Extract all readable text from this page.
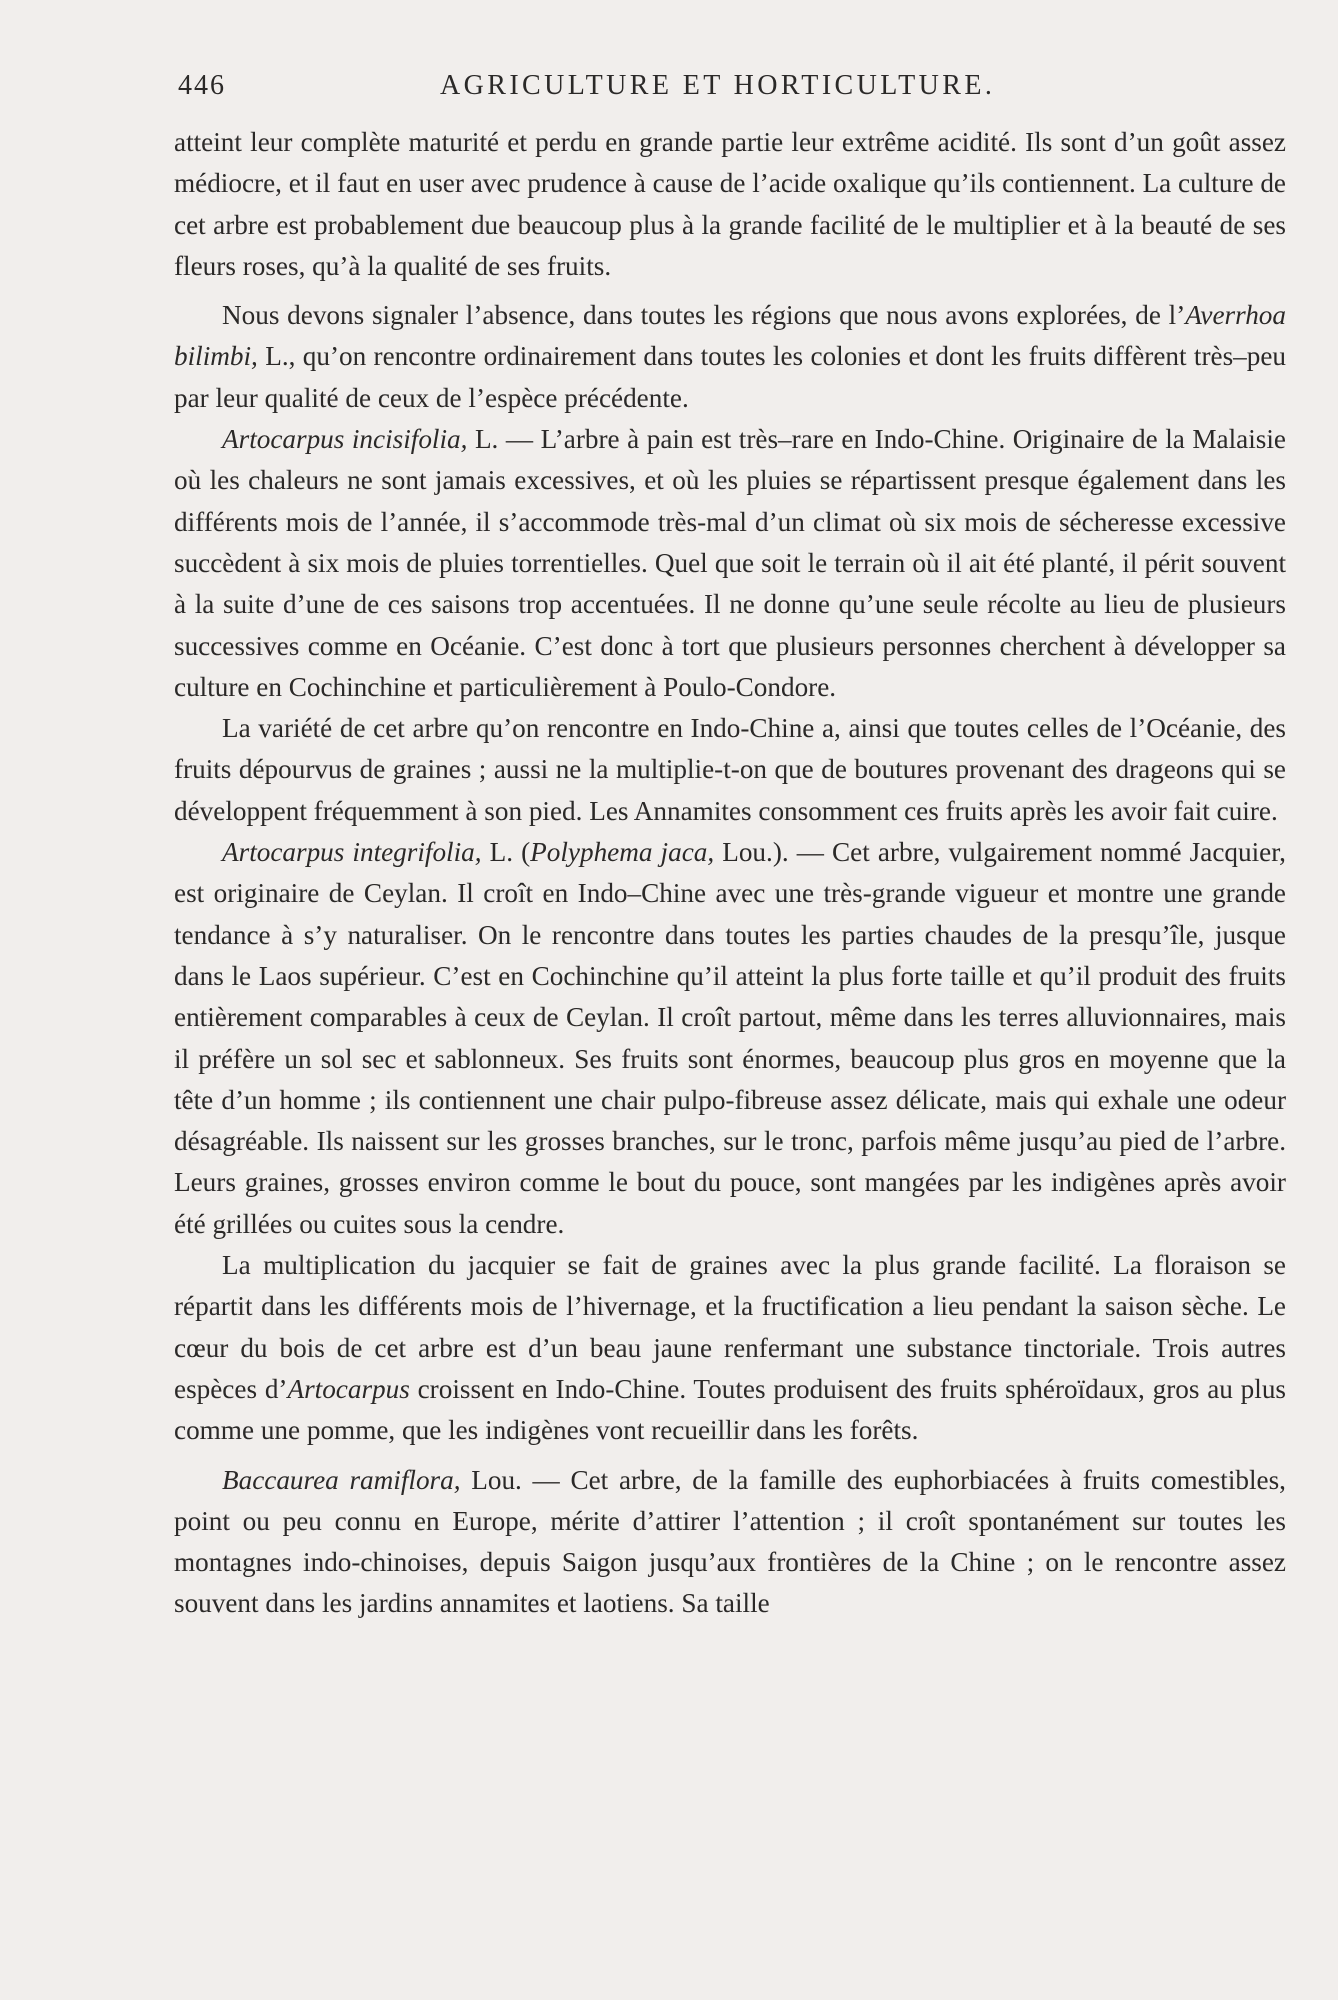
446	AGRICULTURE ET HORTICULTURE.

atteint leur complète maturité et perdu en grande partie leur extrême acidité. Ils sont d’un goût assez médiocre, et il faut en user avec prudence à cause de l’acide oxalique qu’ils contiennent. La culture de cet arbre est probablement due beaucoup plus à la grande facilité de le multiplier et à la beauté de ses fleurs roses, qu’à la qualité de ses fruits.

Nous devons signaler l’absence, dans toutes les régions que nous avons explorées, de l’Averrhoa bilimbi, L., qu’on rencontre ordinairement dans toutes les colonies et dont les fruits diffèrent très–peu par leur qualité de ceux de l’espèce précédente.

Artocarpus incisifolia, L. — L’arbre à pain est très–rare en Indo-Chine. Originaire de la Malaisie où les chaleurs ne sont jamais excessives, et où les pluies se répartissent presque également dans les différents mois de l’année, il s’accommode très-mal d’un climat où six mois de sécheresse excessive succèdent à six mois de pluies torrentielles. Quel que soit le terrain où il ait été planté, il périt souvent à la suite d’une de ces saisons trop accentuées. Il ne donne qu’une seule récolte au lieu de plusieurs successives comme en Océanie. C’est donc à tort que plusieurs personnes cherchent à développer sa culture en Cochinchine et particulièrement à Poulo-Condore.

La variété de cet arbre qu’on rencontre en Indo-Chine a, ainsi que toutes celles de l’Océanie, des fruits dépourvus de graines ; aussi ne la multiplie-t-on que de boutures provenant des drageons qui se développent fréquemment à son pied. Les Annamites consomment ces fruits après les avoir fait cuire.

Artocarpus integrifolia, L. (Polyphema jaca, Lou.). — Cet arbre, vulgairement nommé Jacquier, est originaire de Ceylan. Il croît en Indo–Chine avec une très-grande vigueur et montre une grande tendance à s’y naturaliser. On le rencontre dans toutes les parties chaudes de la presqu’île, jusque dans le Laos supérieur. C’est en Cochinchine qu’il atteint la plus forte taille et qu’il produit des fruits entièrement comparables à ceux de Ceylan. Il croît partout, même dans les terres alluvionnaires, mais il préfère un sol sec et sablonneux. Ses fruits sont énormes, beaucoup plus gros en moyenne que la tête d’un homme ; ils contiennent une chair pulpo-fibreuse assez délicate, mais qui exhale une odeur désagréable. Ils naissent sur les grosses branches, sur le tronc, parfois même jusqu’au pied de l’arbre. Leurs graines, grosses environ comme le bout du pouce, sont mangées par les indigènes après avoir été grillées ou cuites sous la cendre.

La multiplication du jacquier se fait de graines avec la plus grande facilité. La floraison se répartit dans les différents mois de l’hivernage, et la fructification a lieu pendant la saison sèche. Le cœur du bois de cet arbre est d’un beau jaune renfermant une substance tinctoriale. Trois autres espèces d’Artocarpus croissent en Indo-Chine. Toutes produisent des fruits sphéroïdaux, gros au plus comme une pomme, que les indigènes vont recueillir dans les forêts.

Baccaurea ramiflora, Lou. — Cet arbre, de la famille des euphorbiacées à fruits comestibles, point ou peu connu en Europe, mérite d’attirer l’attention ; il croît spontanément sur toutes les montagnes indo-chinoises, depuis Saigon jusqu’aux frontières de la Chine ; on le rencontre assez souvent dans les jardins annamites et laotiens. Sa taille
